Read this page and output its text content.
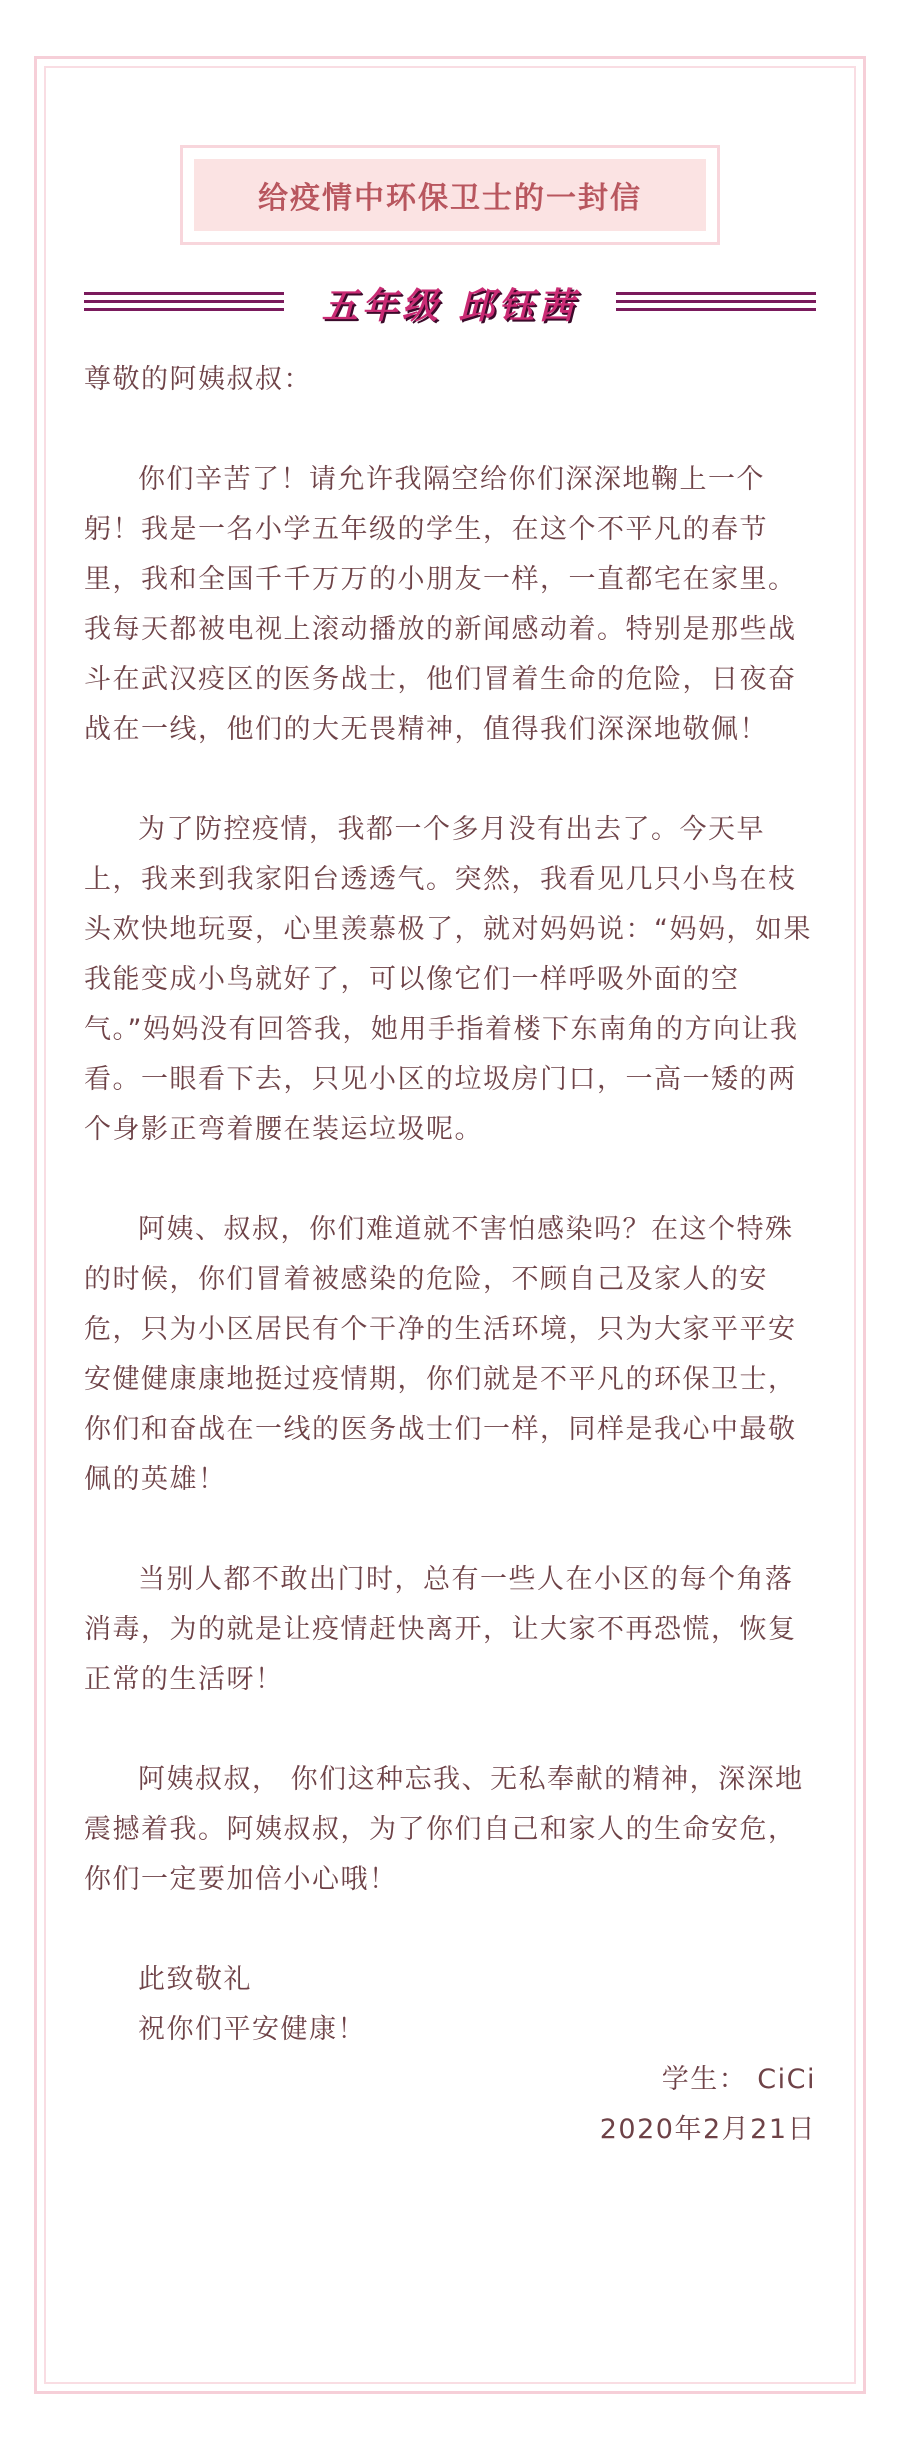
给疫情中环保卫士的一封信
五年级 邱钰茜

尊敬的阿姨叔叔：

你们辛苦了！请允许我隔空给你们深深地鞠上一个躬！我是一名小学五年级的学生，在这个不平凡的春节里，我和全国千千万万的小朋友一样，一直都宅在家里。我每天都被电视上滚动播放的新闻感动着。特别是那些战斗在武汉疫区的医务战士，他们冒着生命的危险，日夜奋战在一线，他们的大无畏精神，值得我们深深地敬佩！

为了防控疫情，我都一个多月没有出去了。今天早上，我来到我家阳台透透气。突然，我看见几只小鸟在枝头欢快地玩耍，心里羡慕极了，就对妈妈说：“妈妈，如果我能变成小鸟就好了，可以像它们一样呼吸外面的空气。”妈妈没有回答我，她用手指着楼下东南角的方向让我看。一眼看下去，只见小区的垃圾房门口，一高一矮的两个身影正弯着腰在装运垃圾呢。

阿姨、叔叔，你们难道就不害怕感染吗？在这个特殊的时候，你们冒着被感染的危险，不顾自己及家人的安危，只为小区居民有个干净的生活环境，只为大家平平安安健健康康地挺过疫情期，你们就是不平凡的环保卫士，你们和奋战在一线的医务战士们一样，同样是我心中最敬佩的英雄！

当别人都不敢出门时，总有一些人在小区的每个角落消毒，为的就是让疫情赶快离开，让大家不再恐慌，恢复正常的生活呀！

阿姨叔叔， 你们这种忘我、无私奉献的精神，深深地震撼着我。阿姨叔叔，为了你们自己和家人的生命安危，你们一定要加倍小心哦！

此致敬礼

祝你们平安健康！

学生： CiCi

2020年2月21日
